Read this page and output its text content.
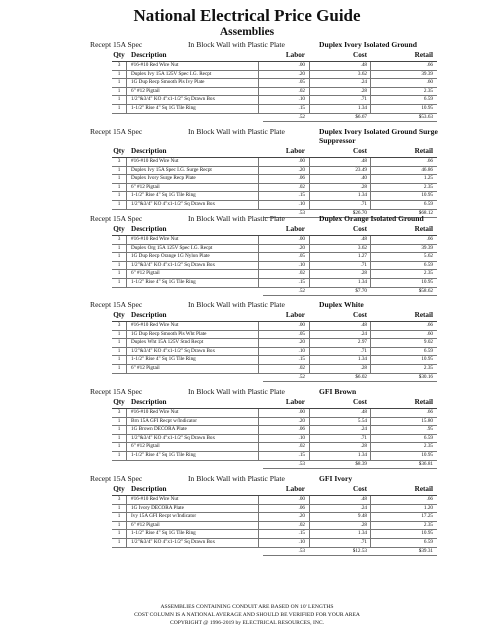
National Electrical Price Guide
Assemblies
Recept 15A Spec	In Block Wall with Plastic Plate	Duplex Ivory Isolated Ground
Qty Description	Labor	Cost	Retail
3	#16-#10 Red Wire Nut	.00	.48	.66
1	Duplex Ivy 15A 125V Spec I.G. Recpt	.20	3.62	39.39
1	1G Dup Recp Smooth Pls Ivy Plate	.05	.24	.60
1	6" #12 Pigtail	.02	.28	2.35
1	1/2"&3/4" KO 4"x1-1/2" Sq Drawn Box	.10	.71	6.59
1	1-1/2" Rise 4" Sq 1G Tile Ring	.15	1.34	10.95
.52	$6.67	$53.63
Recept 15A Spec	In Block Wall with Plastic Plate	Duplex Ivory Isolated Ground Surge
Suppressor
Qty Description	Labor	Cost	Retail
3	#16-#10 Red Wire Nut	.00	.48	.66
1	Duplex Ivy 15A Spec I.G. Surge Recpt	.20	23.49	46.86
1	Duplex Ivory Surge Recp Plate	.06	.40	1.25
1	6" #12 Pigtail	.02	.28	2.35
1	1-1/2" Rise 4" Sq 1G Tile Ring	.15	1.34	10.95
1	1/2"&3/4" KO 4"x1-1/2" Sq Drawn Box	.10	.71	6.59
.53	$26.70	$68.12
Recept 15A Spec	In Block Wall with Plastic Plate	Duplex Orange Isolated Ground
Qty Description	Labor	Cost	Retail
3	#16-#10 Red Wire Nut	.00	.48	.66
1	Duplex Org 15A 125V Spec I.G. Recpt	.20	3.62	39.39
1	1G Dup Recp Orange 1G Nylon Plate	.05	1.27	5.62
1	1/2"&3/4" KO 4"x1-1/2" Sq Drawn Box	.10	.71	6.59
1	6" #12 Pigtail	.02	.28	2.35
1	1-1/2" Rise 4" Sq 1G Tile Ring	.15	1.34	10.95
.52	$7.70	$58.62
Recept 15A Spec	In Block Wall with Plastic Plate	Duplex White
Qty Description	Labor	Cost	Retail
3	#16-#10 Red Wire Nut	.00	.48	.66
1	1G Dup Recp Smooth Pls Wht Plate	.05	.24	.60
1	Duplex Wht 15A 125V Stnd Recpt	.20	2.97	9.02
1	1/2"&3/4" KO 4"x1-1/2" Sq Drawn Box	.10	.71	6.59
1	1-1/2" Rise 4" Sq 1G Tile Ring	.15	1.34	10.95
1	6" #12 Pigtail	.02	.28	2.35
.52	$6.02	$30.16
Recept 15A Spec	In Block Wall with Plastic Plate	GFI Brown
Qty Description	Labor	Cost	Retail
3	#16-#10 Red Wire Nut	.00	.48	.66
1	Brn 15A GFI Recpt w/Indicator	.20	5.54	15.80
1	1G Brown DECORA Plate	.06	.24	.95
1	1/2"&3/4" KO 4"x1-1/2" Sq Drawn Box	.10	.71	6.59
1	6" #12 Pigtail	.02	.28	2.35
1	1-1/2" Rise 4" Sq 1G Tile Ring	.15	1.34	10.95
.53	$8.39	$36.81
Recept 15A Spec	In Block Wall with Plastic Plate	GFI Ivory
Qty Description	Labor	Cost	Retail
3	#16-#10 Red Wire Nut	.00	.48	.66
1	1G Ivory DECORA Plate	.06	.24	1.20
1	Ivy 15A GFI Recpt w/Indicator	.20	9.48	17.25
1	6" #12 Pigtail	.02	.28	2.35
1	1-1/2" Rise 4" Sq 1G Tile Ring	.15	1.34	10.95
1	1/2"&3/4" KO 4"x1-1/2" Sq Drawn Box	.10	.71	6.59
.53	$12.53	$39.31
ASSEMBLIES CONTAINING CONDUIT ARE BASED ON 10' LENGTHS
COST COLUMN IS A NATIONAL AVERAGE AND SHOULD BE VERIFIED FOR YOUR AREA
COPYRIGHT @ 1996-2019 by ELECTRICAL RESOURCES, INC.
